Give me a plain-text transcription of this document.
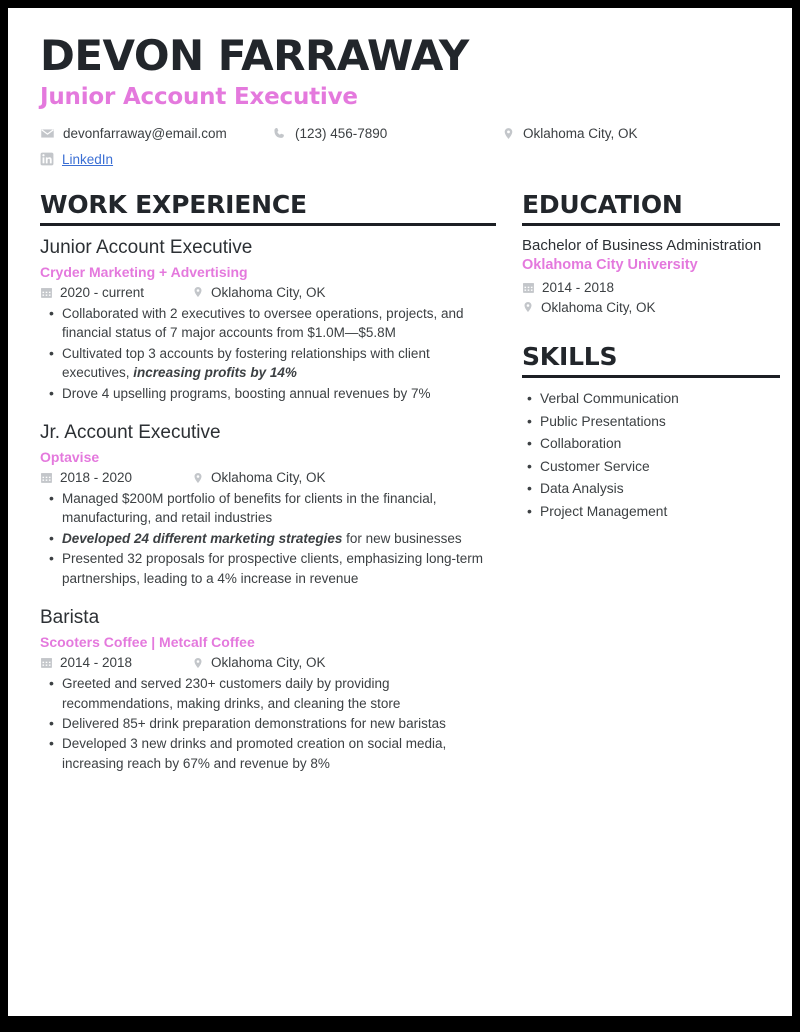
DEVON FARRAWAY
Junior Account Executive
devonfarraway@email.com	(123) 456-7890	Oklahoma City, OK
LinkedIn
WORK EXPERIENCE
Junior Account Executive
Cryder Marketing + Advertising
2020 - current	Oklahoma City, OK
• Collaborated with 2 executives to oversee operations, projects, and financial status of 7 major accounts from $1.0M—$5.8M
• Cultivated top 3 accounts by fostering relationships with client executives, increasing profits by 14%
• Drove 4 upselling programs, boosting annual revenues by 7%
Jr. Account Executive
Optavise
2018 - 2020	Oklahoma City, OK
• Managed $200M portfolio of benefits for clients in the financial, manufacturing, and retail industries
• Developed 24 different marketing strategies for new businesses
• Presented 32 proposals for prospective clients, emphasizing long-term partnerships, leading to a 4% increase in revenue
Barista
Scooters Coffee | Metcalf Coffee
2014 - 2018	Oklahoma City, OK
• Greeted and served 230+ customers daily by providing recommendations, making drinks, and cleaning the store
• Delivered 85+ drink preparation demonstrations for new baristas
• Developed 3 new drinks and promoted creation on social media, increasing reach by 67% and revenue by 8%
EDUCATION
Bachelor of Business Administration
Oklahoma City University
2014 - 2018
Oklahoma City, OK
SKILLS
• Verbal Communication
• Public Presentations
• Collaboration
• Customer Service
• Data Analysis
• Project Management
